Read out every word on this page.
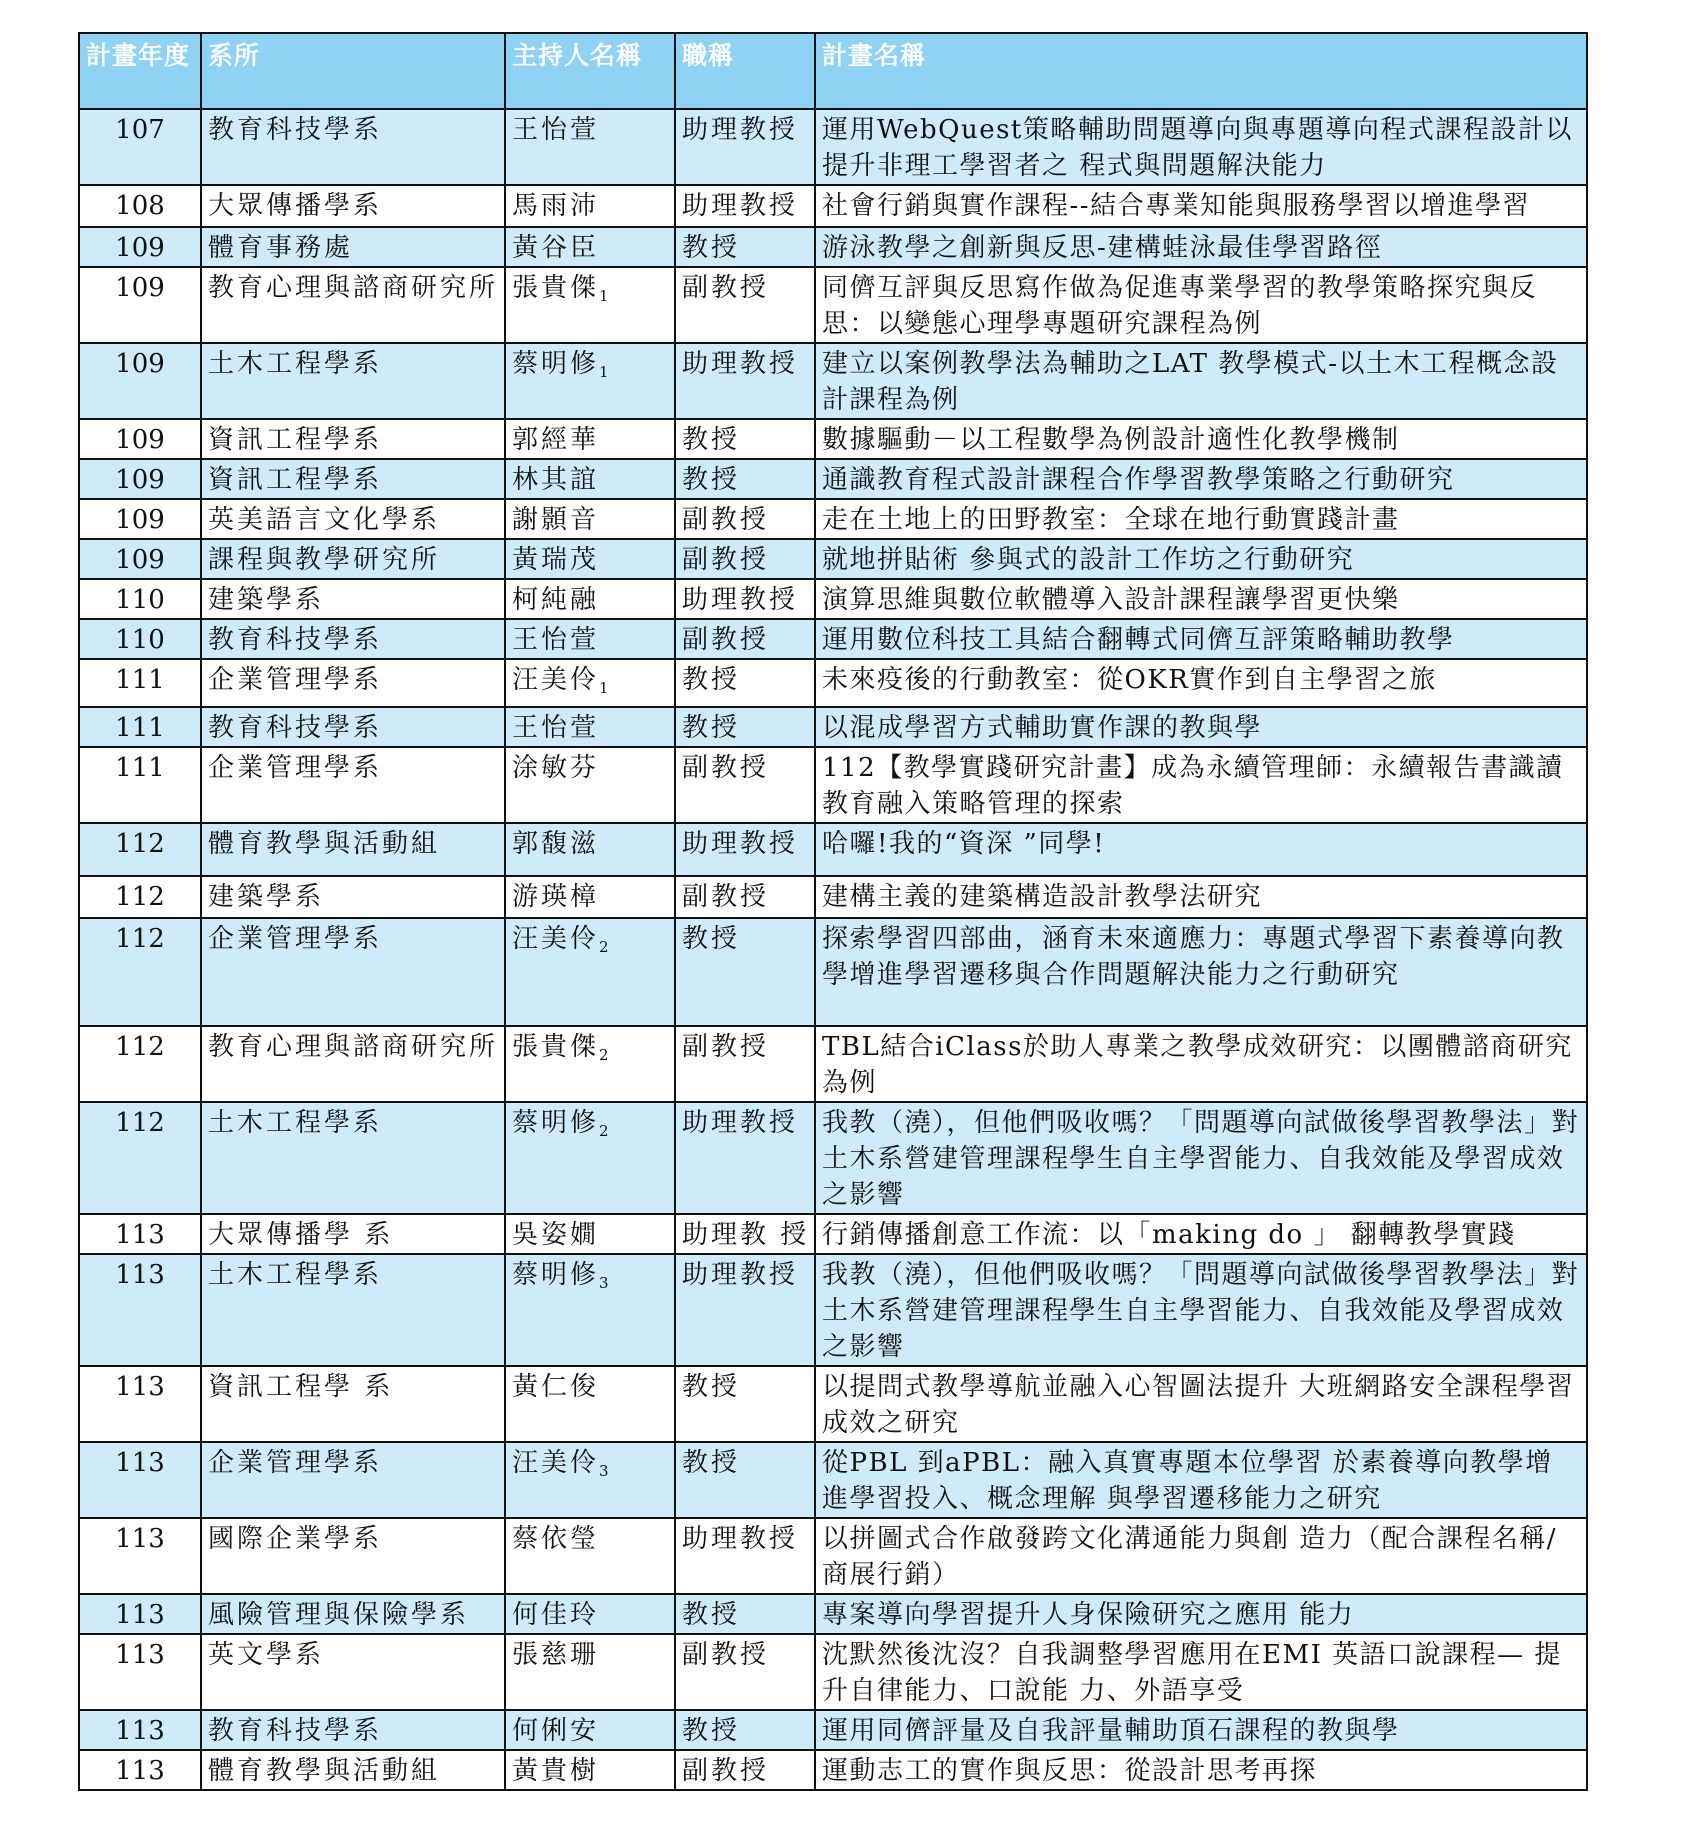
計畫年度	系所	主持人名稱	職稱	計畫名稱
107	教育科技學系	王怡萱	助理教授	運用WebQuest策略輔助問題導向與專題導向程式課程設計以提升非理工學習者之 程式與問題解決能力
108	大眾傳播學系	馬雨沛	助理教授	社會行銷與實作課程--結合專業知能與服務學習以增進學習
109	體育事務處	黃谷臣	教授	游泳教學之創新與反思-建構蛙泳最佳學習路徑
109	教育心理與諮商研究所	張貴傑$_1$	副教授	同儕互評與反思寫作做為促進專業學習的教學策略探究與反思：以變態心理學專題研究課程為例
109	土木工程學系	蔡明修$_1$	助理教授	建立以案例教學法為輔助之LAT 教學模式-以土木工程概念設計課程為例
109	資訊工程學系	郭經華	教授	數據驅動－以工程數學為例設計適性化教學機制
109	資訊工程學系	林其誼	教授	通識教育程式設計課程合作學習教學策略之行動研究
109	英美語言文化學系	謝顥音	副教授	走在土地上的田野教室：全球在地行動實踐計畫
109	課程與教學研究所	黃瑞茂	副教授	就地拼貼術 參與式的設計工作坊之行動研究
110	建築學系	柯純融	助理教授	演算思維與數位軟體導入設計課程讓學習更快樂
110	教育科技學系	王怡萱	副教授	運用數位科技工具結合翻轉式同儕互評策略輔助教學
111	企業管理學系	汪美伶$_1$	教授	未來疫後的行動教室：從OKR實作到自主學習之旅
111	教育科技學系	王怡萱	教授	以混成學習方式輔助實作課的教與學
111	企業管理學系	涂敏芬	副教授	112【教學實踐研究計畫】成為永續管理師：永續報告書識讀教育融入策略管理的探索
112	體育教學與活動組	郭馥滋	助理教授	哈囉!我的“資深 ”同學!
112	建築學系	游瑛樟	副教授	建構主義的建築構造設計教學法研究
112	企業管理學系	汪美伶$_2$	教授	探索學習四部曲，涵育未來適應力：專題式學習下素養導向教學增進學習遷移與合作問題解決能力之行動研究
112	教育心理與諮商研究所	張貴傑$_2$	副教授	TBL結合iClass於助人專業之教學成效研究：以團體諮商研究為例
112	土木工程學系	蔡明修$_2$	助理教授	我教（澆），但他們吸收嗎？「問題導向試做後學習教學法」對土木系營建管理課程學生自主學習能力、自我效能及學習成效之影響
113	大眾傳播學 系	吳姿嫺	助理教 授	行銷傳播創意工作流：以「making do 」 翻轉教學實踐
113	土木工程學系	蔡明修$_3$	助理教授	我教（澆），但他們吸收嗎？「問題導向試做後學習教學法」對土木系營建管理課程學生自主學習能力、自我效能及學習成效之影響
113	資訊工程學 系	黃仁俊	教授	以提問式教學導航並融入心智圖法提升 大班網路安全課程學習成效之研究
113	企業管理學系	汪美伶$_3$	教授	從PBL 到aPBL：融入真實專題本位學習 於素養導向教學增進學習投入、概念理解 與學習遷移能力之研究
113	國際企業學系	蔡依瑩	助理教授	以拼圖式合作啟發跨文化溝通能力與創 造力（配合課程名稱/商展行銷）
113	風險管理與保險學系	何佳玲	教授	專案導向學習提升人身保險研究之應用 能力
113	英文學系	張慈珊	副教授	沈默然後沈沒？自我調整學習應用在EMI 英語口說課程— 提升自律能力、口說能 力、外語享受
113	教育科技學系	何俐安	教授	運用同儕評量及自我評量輔助頂石課程的教與學
113	體育教學與活動組	黃貴樹	副教授	運動志工的實作與反思：從設計思考再探
